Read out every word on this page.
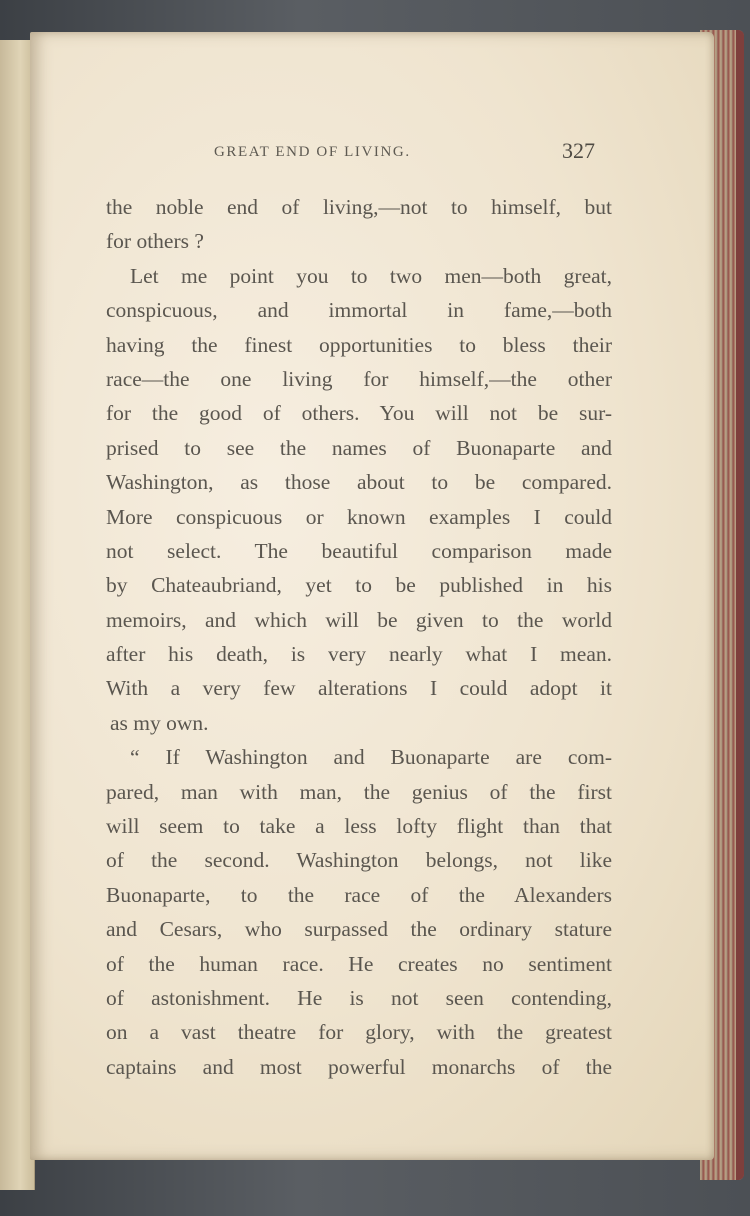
GREAT END OF LIVING.	327
the noble end of living,—not to himself, but
for others ?
Let me point you to two men—both great,
conspicuous, and immortal in fame,—both
having the finest opportunities to bless their
race—the one living for himself,—the other
for the good of others. You will not be sur-
prised to see the names of Buonaparte and
Washington, as those about to be compared.
More conspicuous or known examples I could
not select. The beautiful comparison made
by Chateaubriand, yet to be published in his
memoirs, and which will be given to the world
after his death, is very nearly what I mean.
With a very few alterations I could adopt it
as my own.
“ If Washington and Buonaparte are com-
pared, man with man, the genius of the first
will seem to take a less lofty flight than that
of the second. Washington belongs, not like
Buonaparte, to the race of the Alexanders
and Cesars, who surpassed the ordinary stature
of the human race. He creates no sentiment
of astonishment. He is not seen contending,
on a vast theatre for glory, with the greatest
captains and most powerful monarchs of the
